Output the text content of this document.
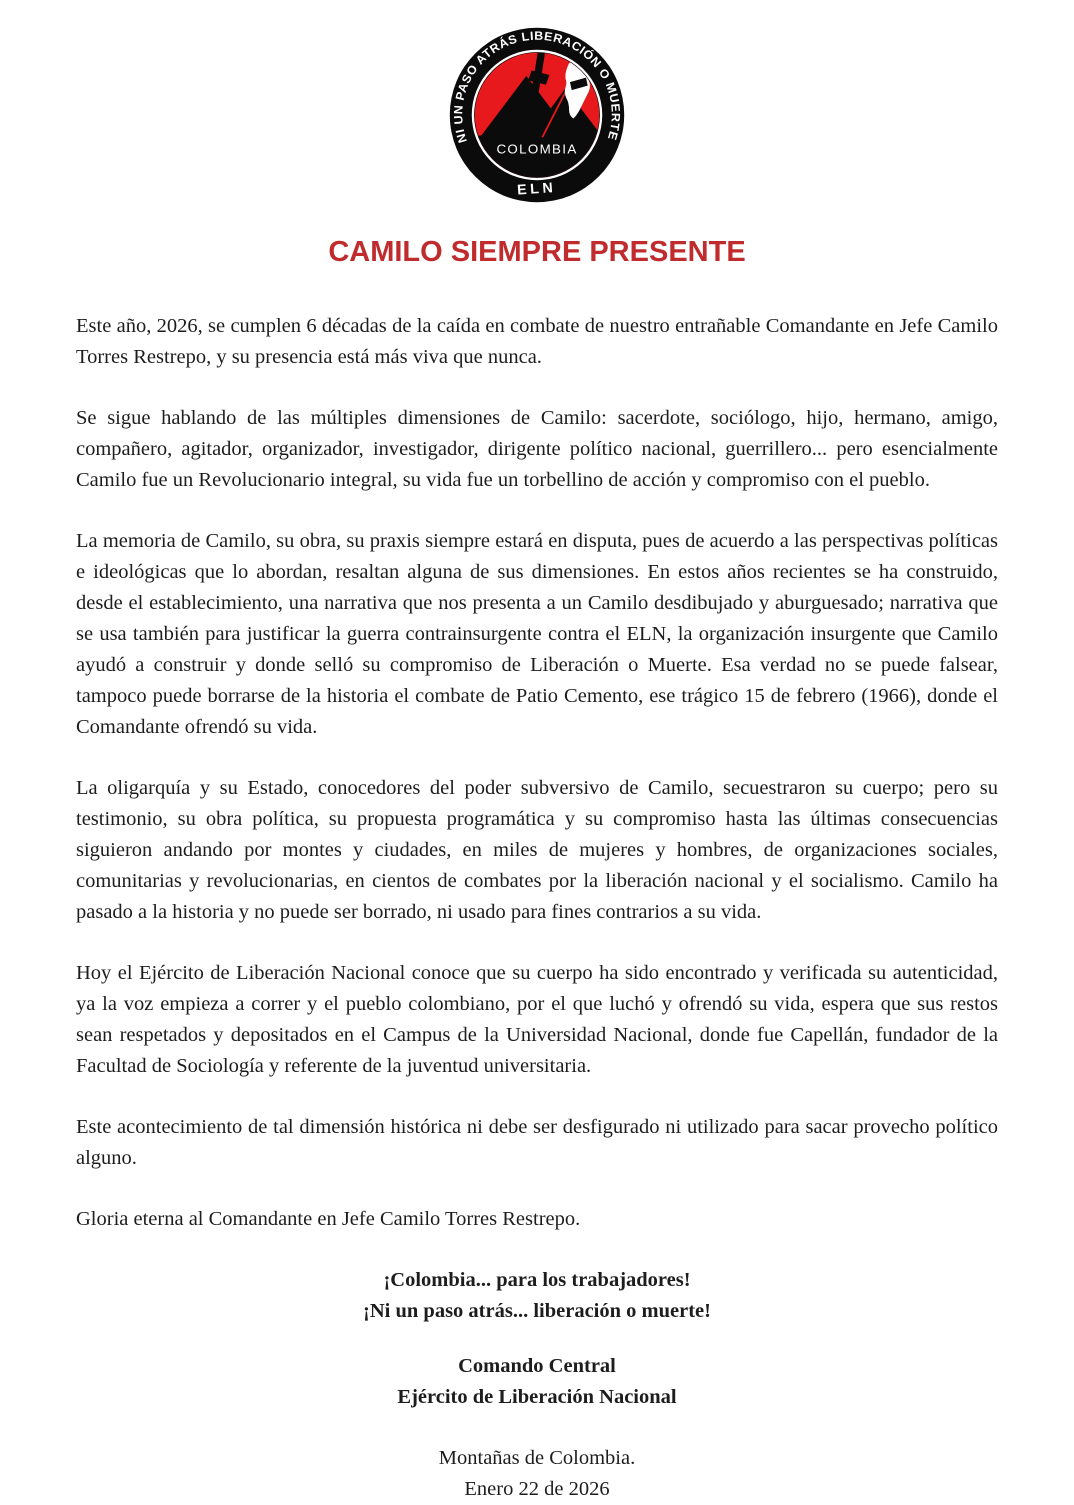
COLOMBIA
NI UN PASO ATRÁS LIBERACIÓN O MUERTE
ELN
CAMILO SIEMPRE PRESENTE

Este año, 2026, se cumplen 6 décadas de la caída en combate de nuestro entrañable Comandante en Jefe Camilo Torres Restrepo, y su presencia está más viva que nunca.

Se sigue hablando de las múltiples dimensiones de Camilo: sacerdote, sociólogo, hijo, hermano, amigo, compañero, agitador, organizador, investigador, dirigente político nacional, guerrillero... pero esencialmente Camilo fue un Revolucionario integral, su vida fue un torbellino de acción y compromiso con el pueblo.

La memoria de Camilo, su obra, su praxis siempre estará en disputa, pues de acuerdo a las perspectivas políticas e ideológicas que lo abordan, resaltan alguna de sus dimensiones. En estos años recientes se ha construido, desde el establecimiento, una narrativa que nos presenta a un Camilo desdibujado y aburguesado; narrativa que se usa también para justificar la guerra contrainsurgente contra el ELN, la organización insurgente que Camilo ayudó a construir y donde selló su compromiso de Liberación o Muerte. Esa verdad no se puede falsear, tampoco puede borrarse de la historia el combate de Patio Cemento, ese trágico 15 de febrero (1966), donde el Comandante ofrendó su vida.

La oligarquía y su Estado, conocedores del poder subversivo de Camilo, secuestraron su cuerpo; pero su testimonio, su obra política, su propuesta programática y su compromiso hasta las últimas consecuencias siguieron andando por montes y ciudades, en miles de mujeres y hombres, de organizaciones sociales, comunitarias y revolucionarias, en cientos de combates por la liberación nacional y el socialismo. Camilo ha pasado a la historia y no puede ser borrado, ni usado para fines contrarios a su vida.

Hoy el Ejército de Liberación Nacional conoce que su cuerpo ha sido encontrado y verificada su autenticidad, ya la voz empieza a correr y el pueblo colombiano, por el que luchó y ofrendó su vida, espera que sus restos sean respetados y depositados en el Campus de la Universidad Nacional, donde fue Capellán, fundador de la Facultad de Sociología y referente de la juventud universitaria.

Este acontecimiento de tal dimensión histórica ni debe ser desfigurado ni utilizado para sacar provecho político alguno.

Gloria eterna al Comandante en Jefe Camilo Torres Restrepo.

¡Colombia... para los trabajadores!
¡Ni un paso atrás... liberación o muerte!
Comando Central
Ejército de Liberación Nacional
Montañas de Colombia.
Enero 22 de 2026
